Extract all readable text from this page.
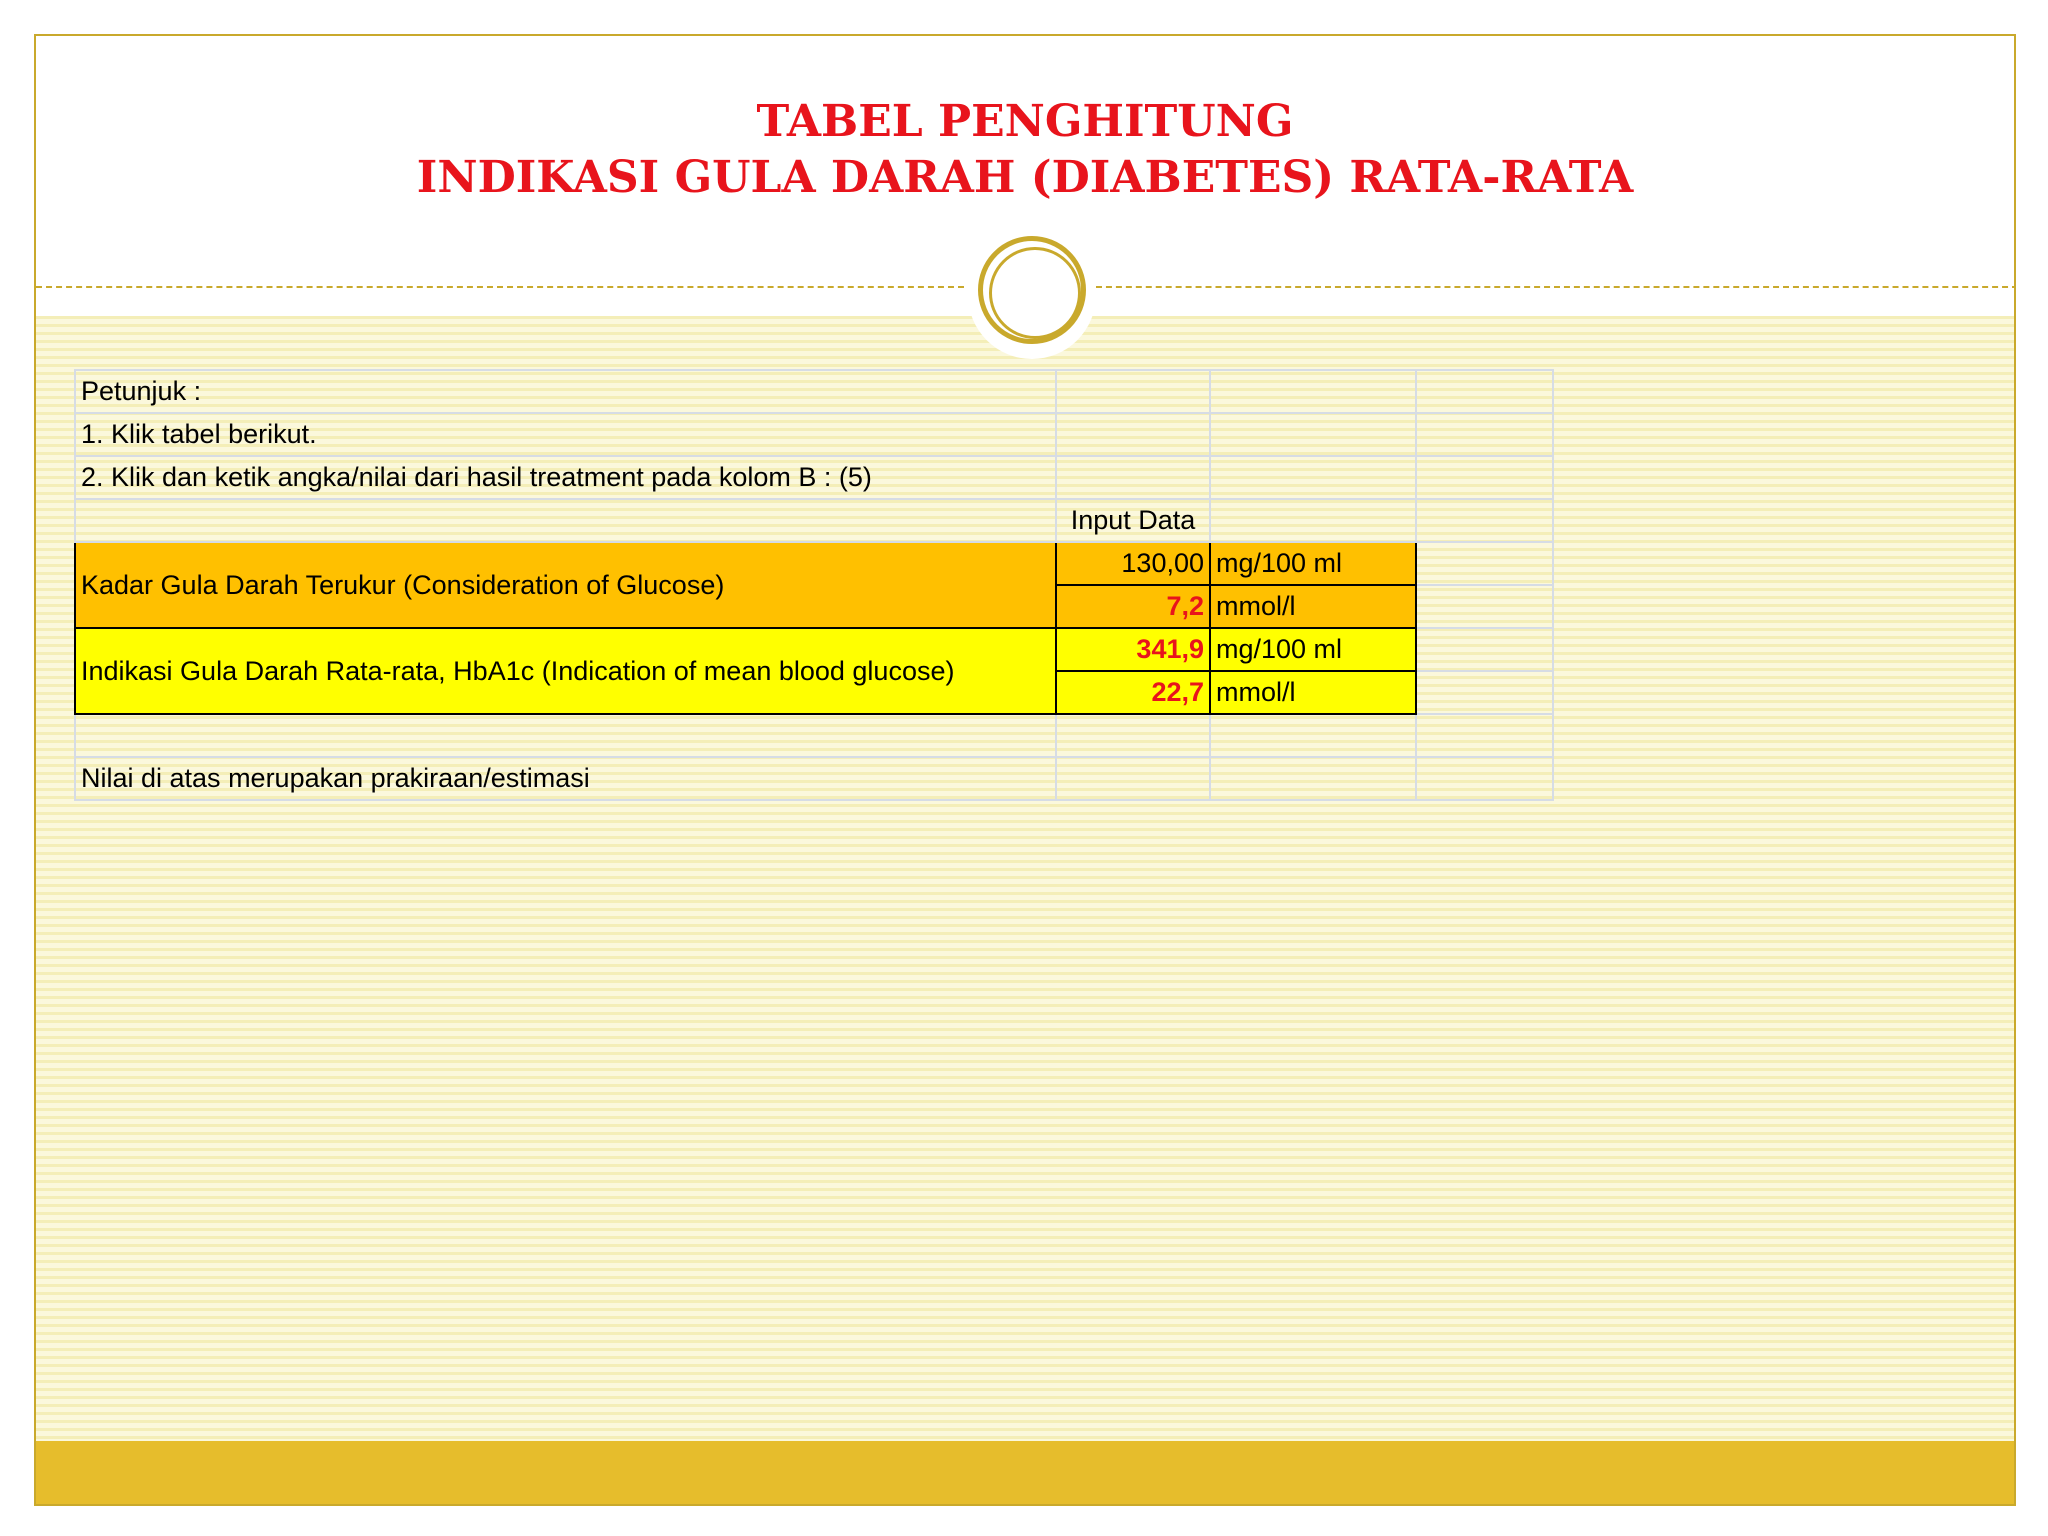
TABEL PENGHITUNG
INDIKASI GULA DARAH (DIABETES) RATA-RATA
Petunjuk :			
1. Klik tabel berikut.			
2. Klik dan ketik angka/nilai dari hasil treatment pada kolom B : (5)			
	Input Data		
Kadar Gula Darah Terukur (Consideration of Glucose)	130,00	mg/100 ml	
	7,2	mmol/l	
Indikasi Gula Darah Rata-rata, HbA1c (Indication of mean blood glucose)	341,9	mg/100 ml	
	22,7	mmol/l	

Nilai di atas merupakan prakiraan/estimasi			
